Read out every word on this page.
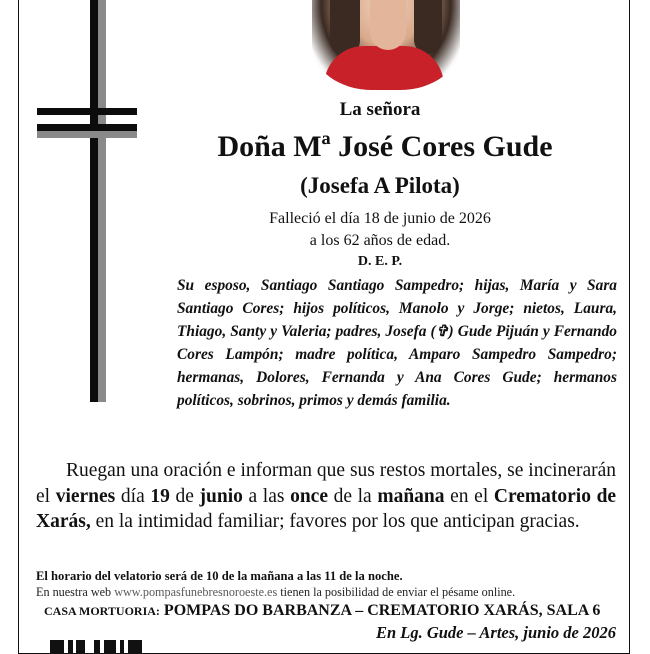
La señora
Doña Mª José Cores Gude
(Josefa A Pilota)
Falleció el día 18 de junio de 2026
a los 62 años de edad.
D. E. P.
Su esposo, Santiago Santiago Sampedro; hijas, María y Sara Santiago Cores; hijos políticos, Manolo y Jorge; nietos, Laura, Thiago, Santy y Valeria; padres, Josefa (✞) Gude Pijuán y Fernando Cores Lampón; madre política, Amparo Sampedro Sampedro; hermanas, Dolores, Fernanda y Ana Cores Gude; hermanos políticos, sobrinos, primos y demás familia.
Ruegan una oración e informan que sus restos mortales, se incinerarán el viernes día 19 de junio a las once de la mañana en el Crematorio de Xarás, en la intimidad familiar; favores por los que anticipan gracias.
El horario del velatorio será de 10 de la mañana a las 11 de la noche.
En nuestra web www.pompasfunebresnoroeste.es tienen la posibilidad de enviar el pésame online.
CASA MORTUORIA: POMPAS DO BARBANZA – CREMATORIO XARÁS, SALA 6
En Lg. Gude – Artes, junio de 2026
